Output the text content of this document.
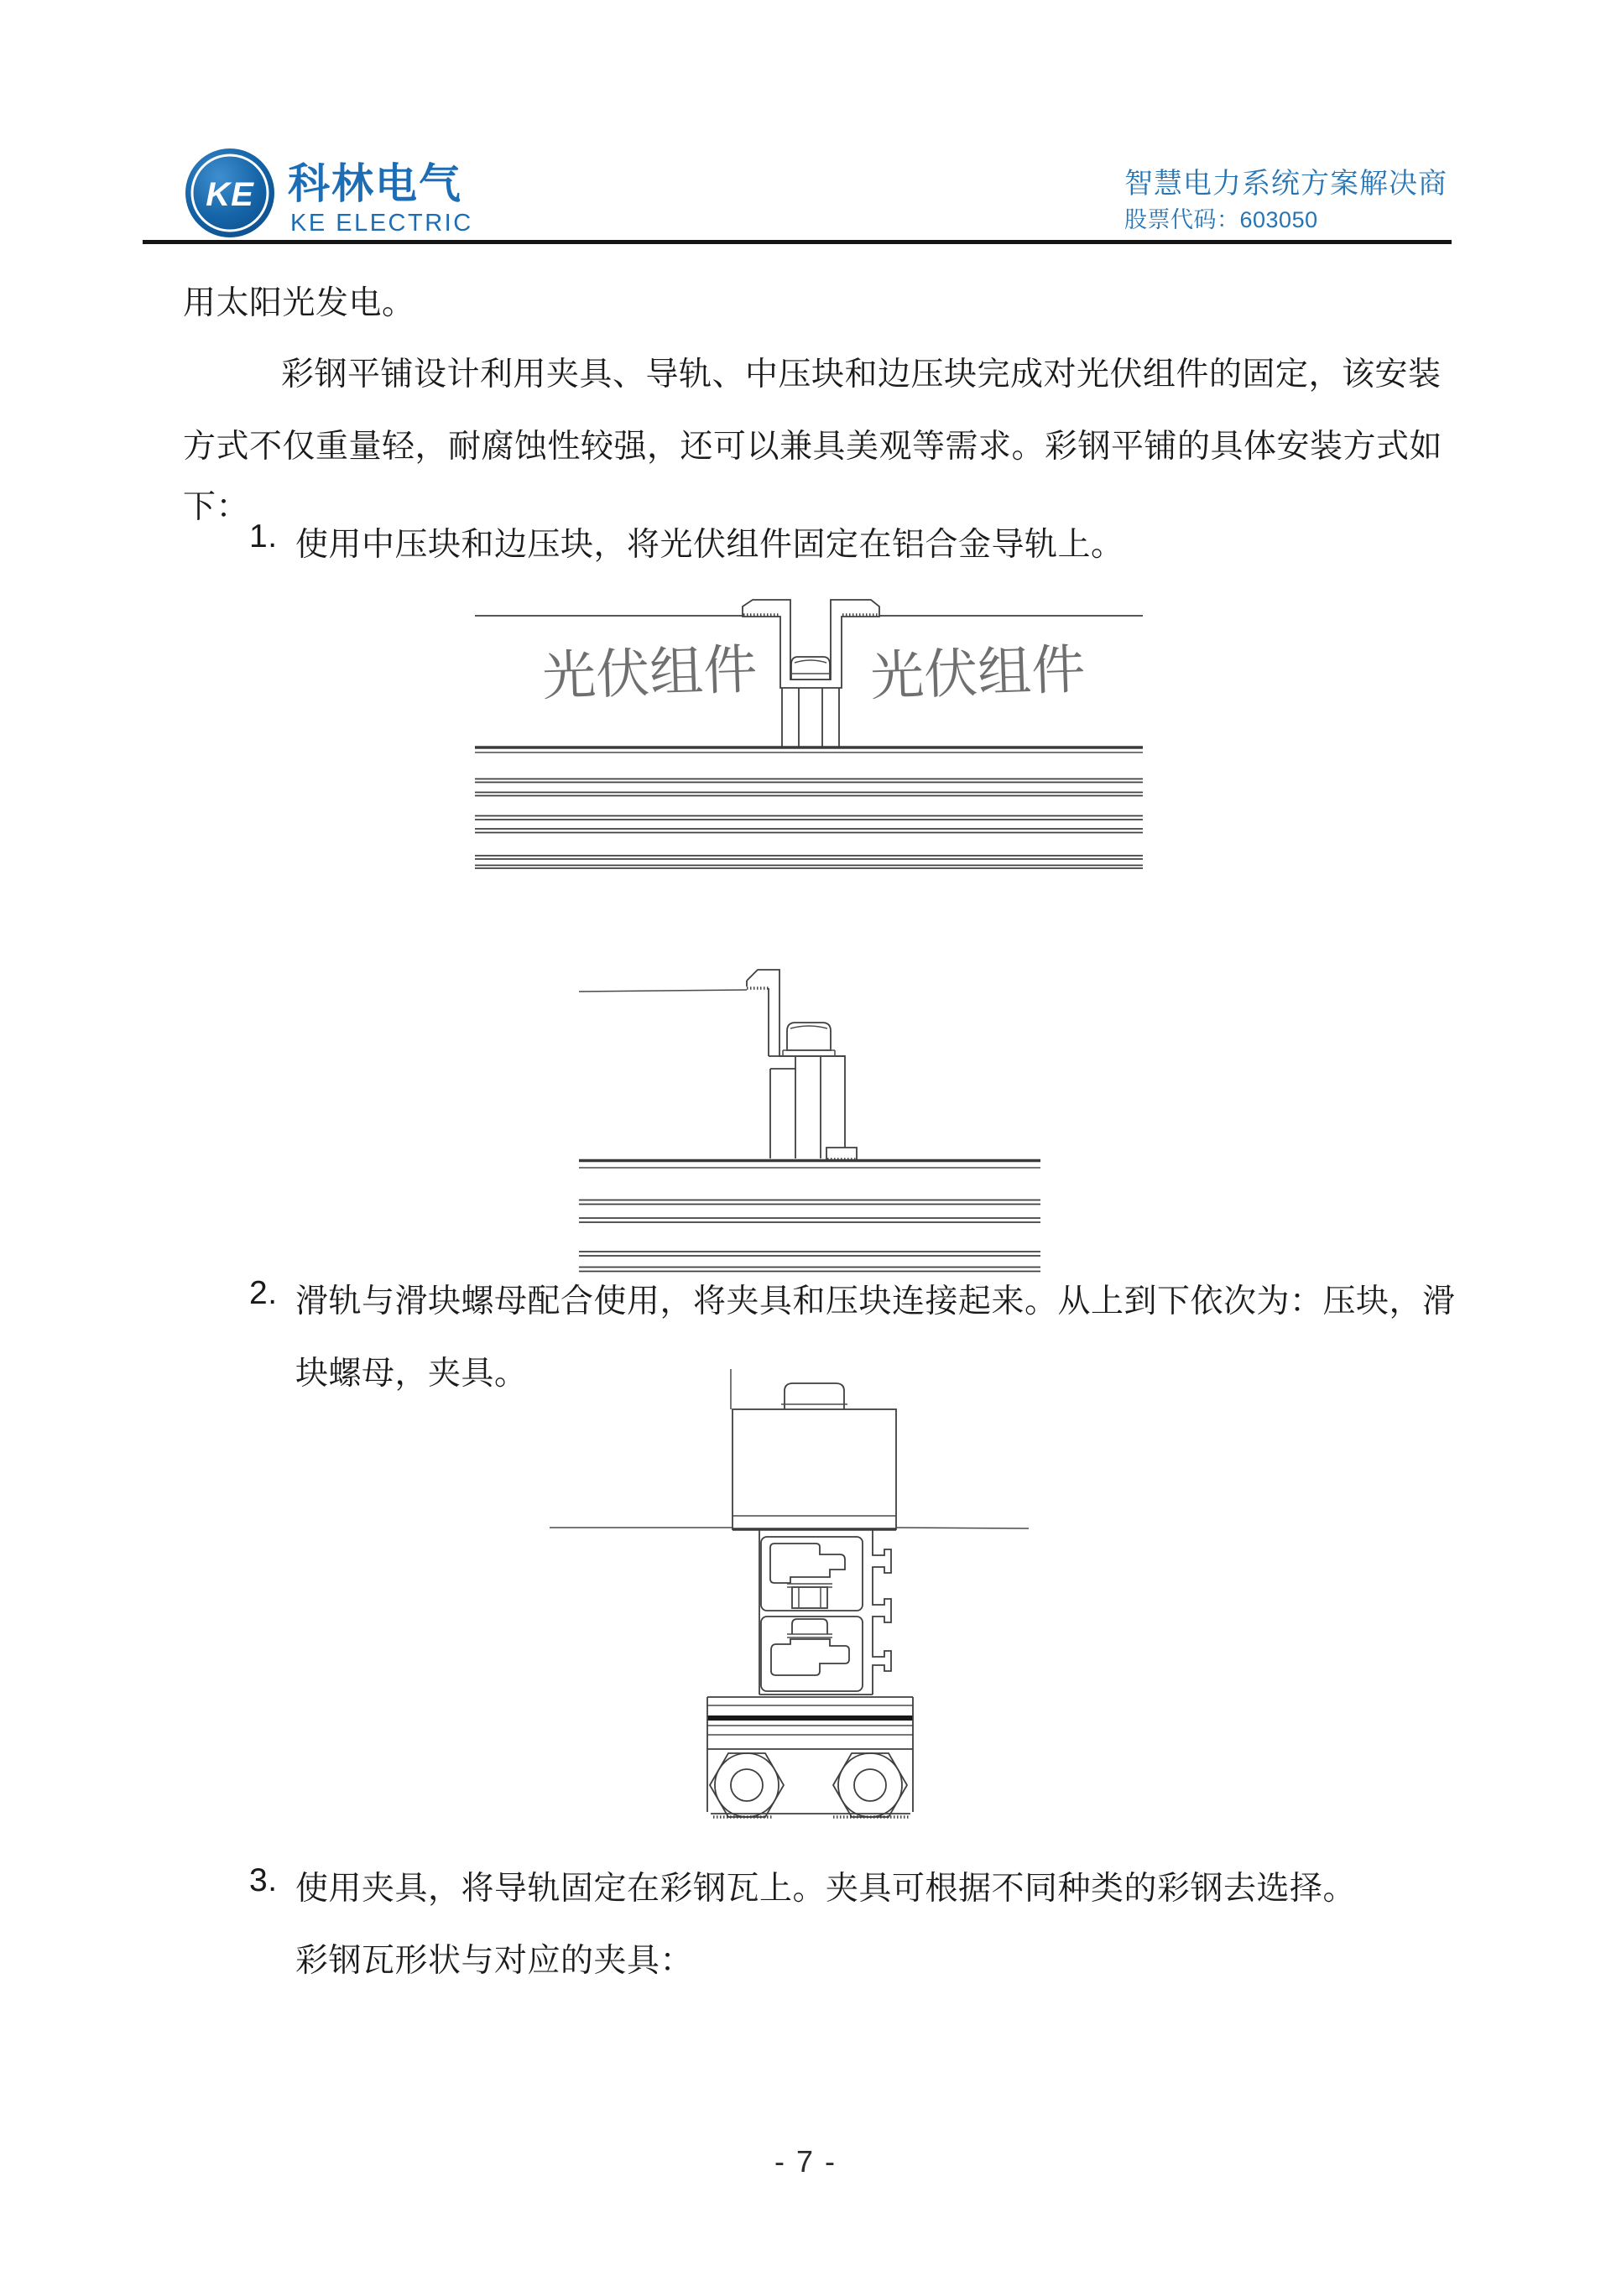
KE 科林电气
KE ELECTRIC
智慧电力系统方案解决商
股票代码：603050
用太阳光发电。
彩钢平铺设计利用夹具、导轨、中压块和边压块完成对光伏组件的固定，该安装
方式不仅重量轻，耐腐蚀性较强，还可以兼具美观等需求。彩钢平铺的具体安装方式如
下：
1. 使用中压块和边压块，将光伏组件固定在铝合金导轨上。
光伏组件 光伏组件
2. 滑轨与滑块螺母配合使用，将夹具和压块连接起来。从上到下依次为：压块，滑
块螺母，夹具。
3. 使用夹具，将导轨固定在彩钢瓦上。夹具可根据不同种类的彩钢去选择。
彩钢瓦形状与对应的夹具：
- 7 -
